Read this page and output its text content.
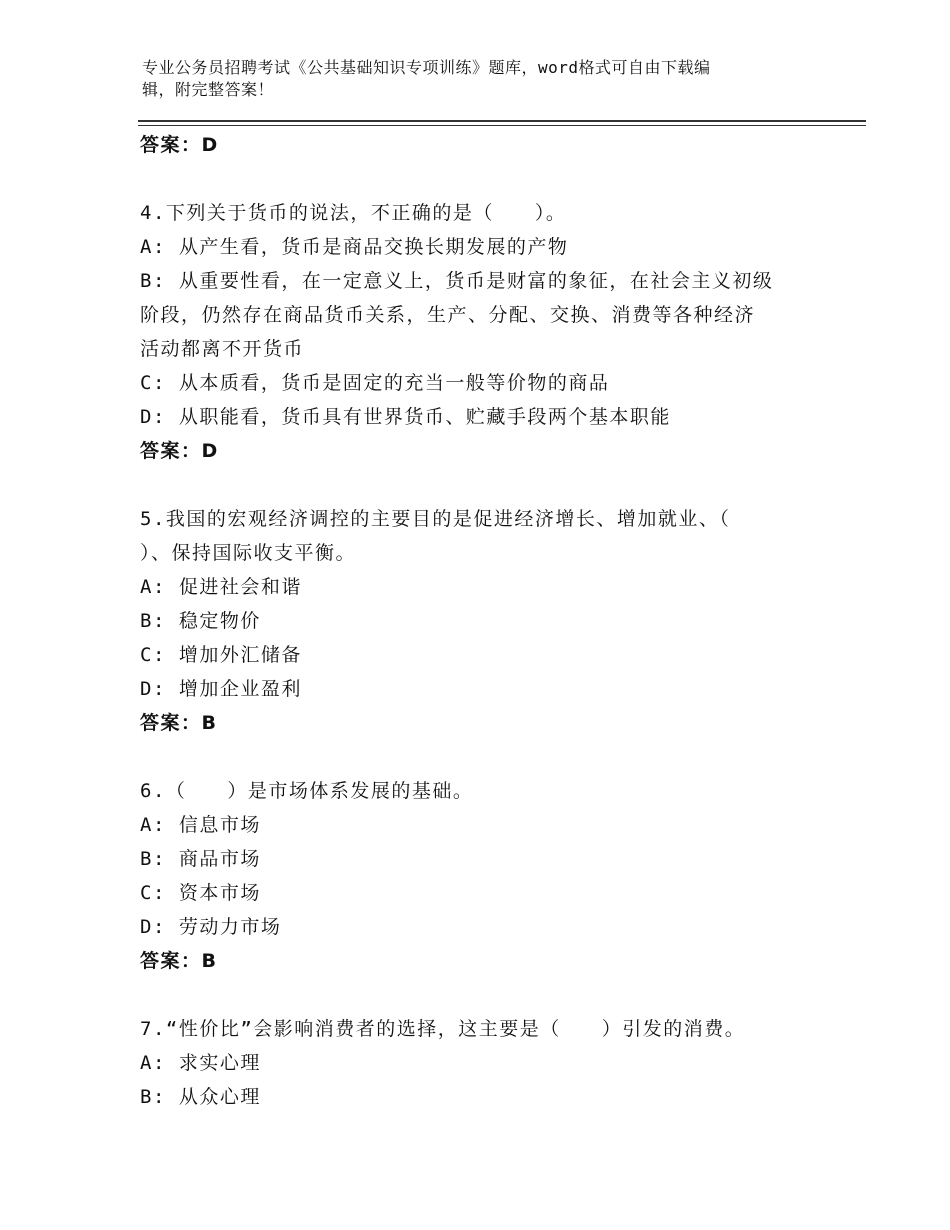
专业公务员招聘考试《公共基础知识专项训练》题库，word格式可自由下载编
辑，附完整答案！
答案：D
4.下列关于货币的说法，不正确的是（　　）。
A: 从产生看，货币是商品交换长期发展的产物
B: 从重要性看，在一定意义上，货币是财富的象征，在社会主义初级
阶段，仍然存在商品货币关系，生产、分配、交换、消费等各种经济
活动都离不开货币
C: 从本质看，货币是固定的充当一般等价物的商品
D: 从职能看，货币具有世界货币、贮藏手段两个基本职能
答案：D
5.我国的宏观经济调控的主要目的是促进经济增长、增加就业、（
）、保持国际收支平衡。
A: 促进社会和谐
B: 稳定物价
C: 增加外汇储备
D: 增加企业盈利
答案：B
6.（　　）是市场体系发展的基础。
A: 信息市场
B: 商品市场
C: 资本市场
D: 劳动力市场
答案：B
7.“性价比”会影响消费者的选择，这主要是（　　）引发的消费。
A: 求实心理
B: 从众心理
